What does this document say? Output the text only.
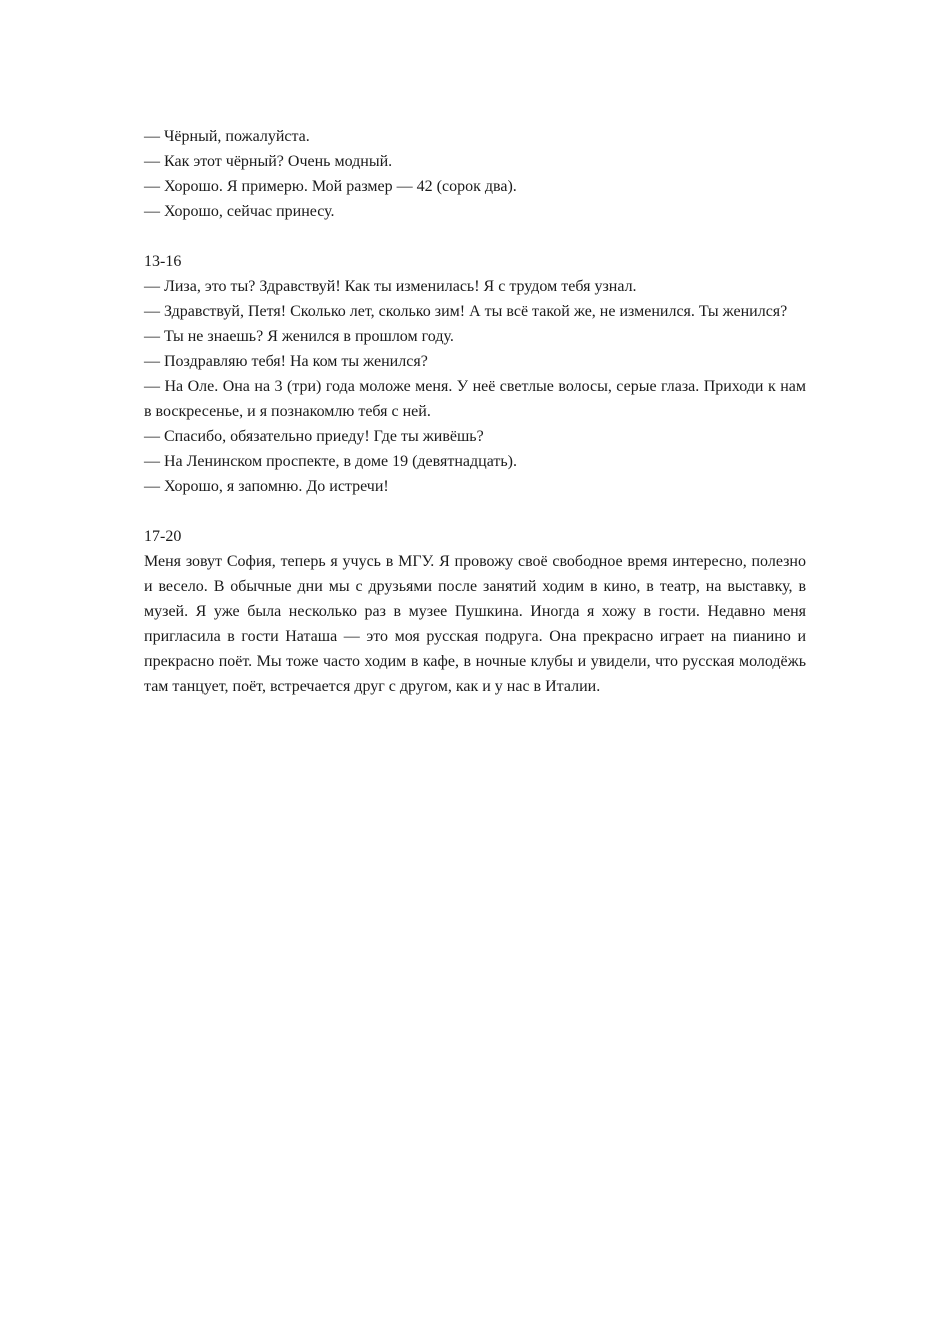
— Чёрный, пожалуйста.

— Как этот чёрный? Очень модный.

— Хорошо. Я примерю. Мой размер — 42 (сорок два).

— Хорошо, сейчас принесу.

13-16

— Лиза, это ты? Здравствуй! Как ты изменилась! Я с трудом тебя узнал.

— Здравствуй, Петя! Сколько лет, сколько зим! А ты всё такой же, не изменился. Ты женился?

— Ты не знаешь? Я женился в прошлом году.

— Поздравляю тебя! На ком ты женился?

— На Оле. Она на 3 (три) года моложе меня. У неё светлые волосы, серые глаза. Приходи к нам в воскресенье, и я познакомлю тебя с ней.

— Спасибо, обязательно приеду! Где ты живёшь?

— На Ленинском проспекте, в доме 19 (девятнадцать).

— Хорошо, я запомню. До истречи!

17-20

Меня зовут София, теперь я учусь в МГУ. Я провожу своё свободное время интересно, полезно и весело. В обычные дни мы с друзьями после занятий ходим в кино, в театр, на выставку, в музей. Я уже была несколько раз в музее Пушкина. Иногда я хожу в гости. Недавно меня пригласила в гости Наташа — это моя русская подруга. Она прекрасно играет на пианино и прекрасно поёт. Мы тоже часто ходим в кафе, в ночные клубы и увидели, что русская молодёжь там танцует, поёт, встречается друг с другом, как и у нас в Италии.
